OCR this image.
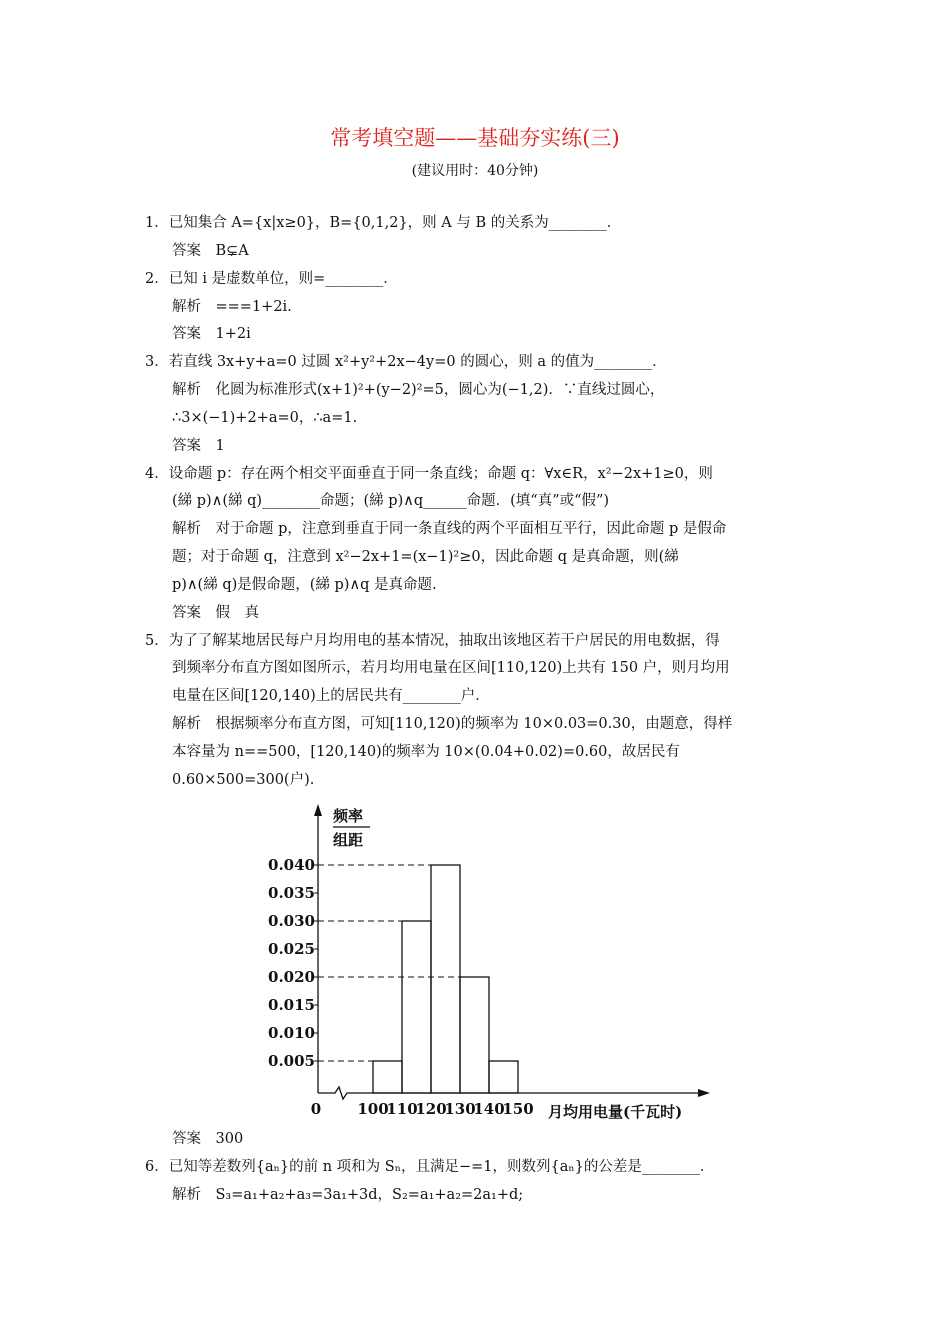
常考填空题——基础夯实练(三)
(建议用时：40分钟)
1．已知集合 A={x|x≥0}，B={0,1,2}，则 A 与 B 的关系为________．
答案　B⊊A
2．已知 i 是虚数单位，则=________．
解析　===1+2i.
答案　1+2i
3．若直线 3x+y+a=0 过圆 x²+y²+2x−4y=0 的圆心，则 a 的值为________．
解析　化圆为标准形式(x+1)²+(y−2)²=5，圆心为(−1,2)．∵直线过圆心，
∴3×(−1)+2+a=0，∴a=1.
答案　1
4．设命题 p：存在两个相交平面垂直于同一条直线；命题 q：∀x∈R，x²−2x+1≥0，则
(綈 p)∧(綈 q)________命题；(綈 p)∧q______命题．(填“真”或“假”)
解析　对于命题 p，注意到垂直于同一条直线的两个平面相互平行，因此命题 p 是假命
题；对于命题 q，注意到 x²−2x+1=(x−1)²≥0，因此命题 q 是真命题，则(綈
p)∧(綈 q)是假命题，(綈 p)∧q 是真命题.
答案　假　真
5．为了了解某地居民每户月均用电的基本情况，抽取出该地区若干户居民的用电数据，得
到频率分布直方图如图所示，若月均用电量在区间[110,120)上共有 150 户，则月均用
电量在区间[120,140)上的居民共有________户．
解析　根据频率分布直方图，可知[110,120)的频率为 10×0.03=0.30，由题意，得样
本容量为 n==500，[120,140)的频率为 10×(0.04+0.02)=0.60，故居民有
0.60×500=300(户).
答案　300
6．已知等差数列{aₙ}的前 n 项和为 Sₙ，且满足−=1，则数列{aₙ}的公差是________．
解析　S₃=a₁+a₂+a₃=3a₁+3d，S₂=a₁+a₂=2a₁+d;
0.005
0.010
0.015
0.020
0.025
0.030
0.035
0.040
100
110
120
130
140
150
0	月均用电量(千瓦时)
频率
组距
